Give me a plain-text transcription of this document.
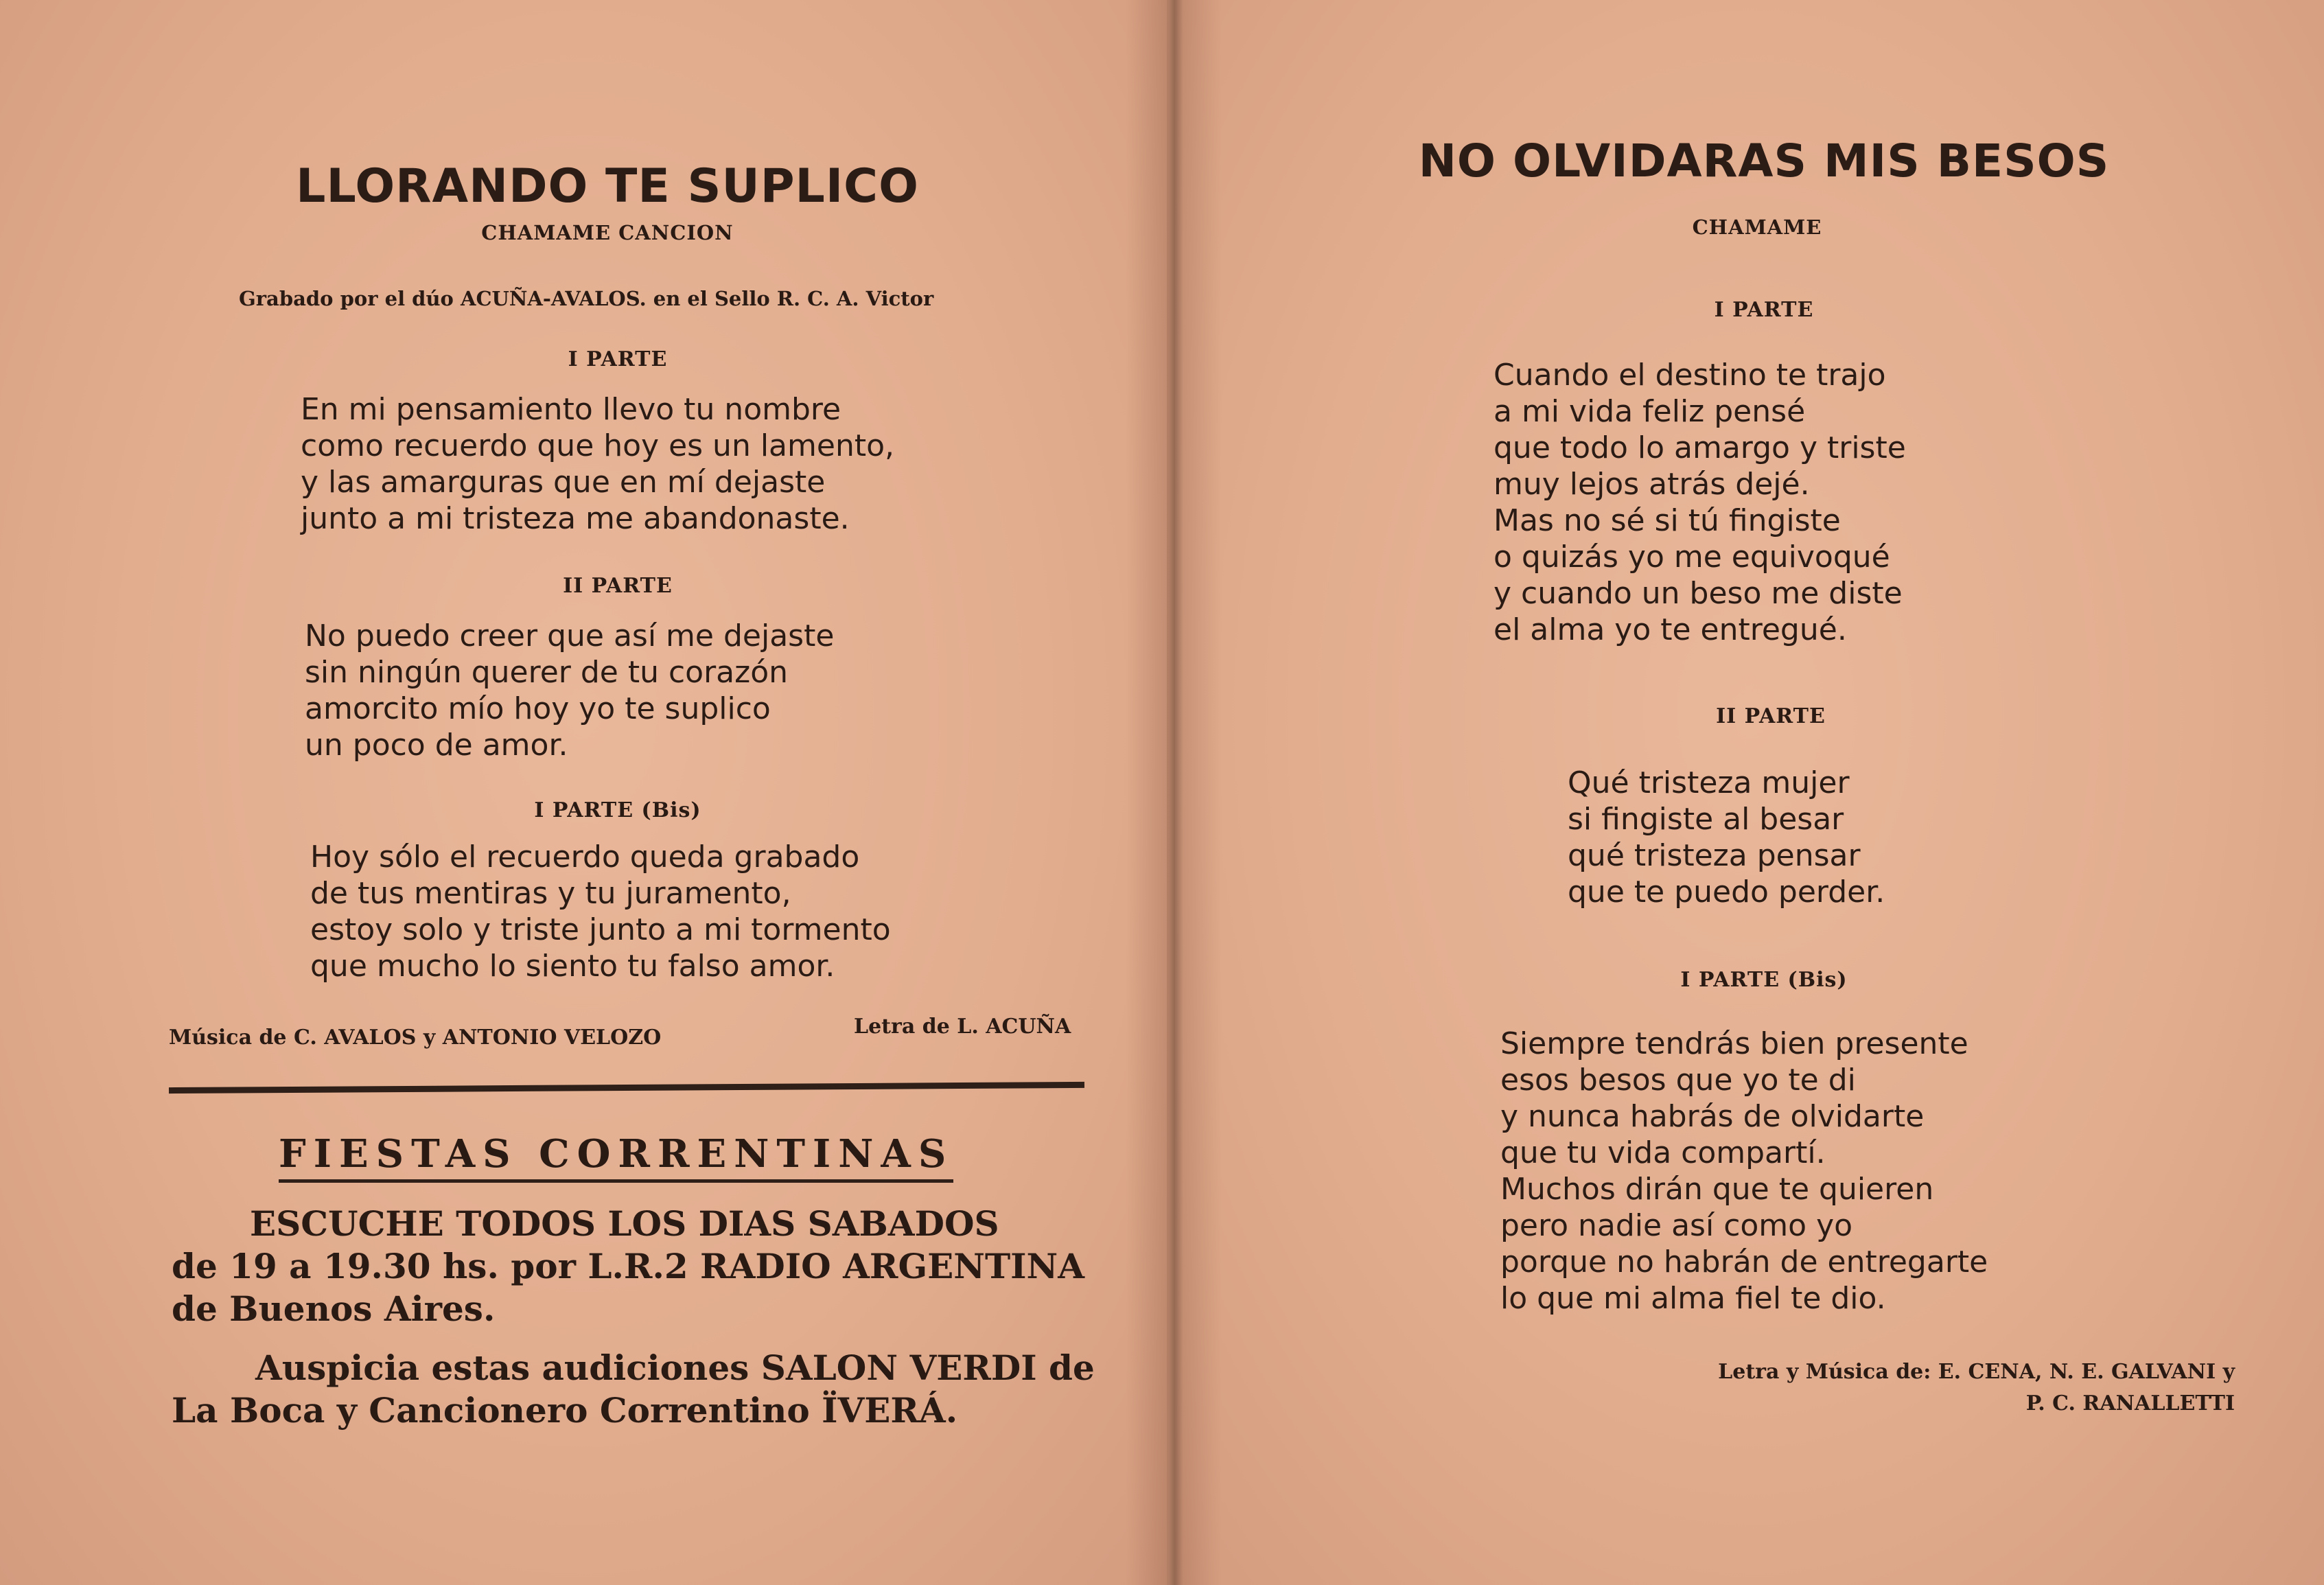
LLORANDO TE SUPLICO
CHAMAME CANCION
Grabado por el dúo ACUÑA-AVALOS. en el Sello R. C. A. Victor
I PARTE
En mi pensamiento llevo tu nombre
como recuerdo que hoy es un lamento,
y las amarguras que en mí dejaste
junto a mi tristeza me abandonaste.
II PARTE
No puedo creer que así me dejaste
sin ningún querer de tu corazón
amorcito mío hoy yo te suplico
un poco de amor.
I PARTE (Bis)
Hoy sólo el recuerdo queda grabado
de tus mentiras y tu juramento,
estoy solo y triste junto a mi tormento
que mucho lo siento tu falso amor.
Música de C. AVALOS y ANTONIO VELOZO	Letra de L. ACUÑA
FIESTAS CORRENTINAS
ESCUCHE TODOS LOS DIAS SABADOS
de 19 a 19.30 hs. por L.R.2 RADIO ARGENTINA
de Buenos Aires.
Auspicia estas audiciones SALON VERDI de
La Boca y Cancionero Correntino ÏVERÁ.
NO OLVIDARAS MIS BESOS
CHAMAME
I PARTE
Cuando el destino te trajo
a mi vida feliz pensé
que todo lo amargo y triste
muy lejos atrás dejé.
Mas no sé si tú fingiste
o quizás yo me equivoqué
y cuando un beso me diste
el alma yo te entregué.
II PARTE
Qué tristeza mujer
si fingiste al besar
qué tristeza pensar
que te puedo perder.
I PARTE (Bis)
Siempre tendrás bien presente
esos besos que yo te di
y nunca habrás de olvidarte
que tu vida compartí.
Muchos dirán que te quieren
pero nadie así como yo
porque no habrán de entregarte
lo que mi alma fiel te dio.
Letra y Música de: E. CENA, N. E. GALVANI y
P. C. RANALLETTI
